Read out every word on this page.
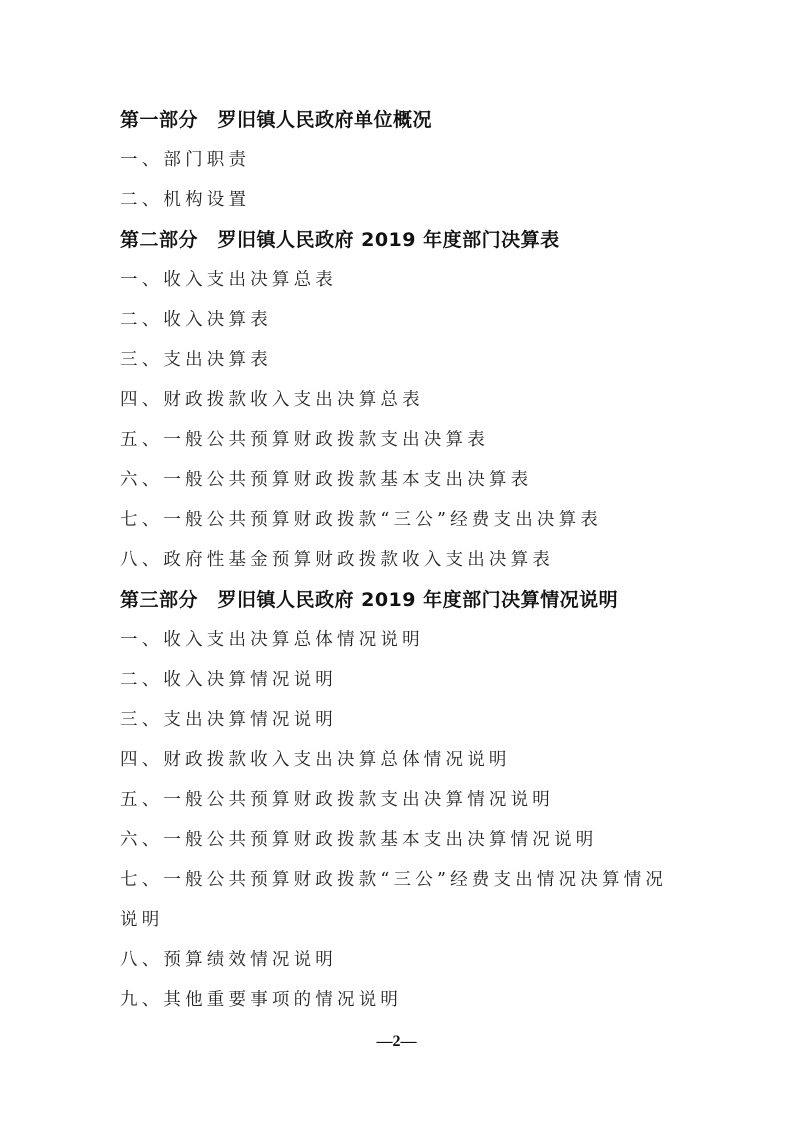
第一部分　罗旧镇人民政府单位概况
一、部门职责
二、机构设置
第二部分　罗旧镇人民政府 2019 年度部门决算表
一、收入支出决算总表
二、收入决算表
三、支出决算表
四、财政拨款收入支出决算总表
五、一般公共预算财政拨款支出决算表
六、一般公共预算财政拨款基本支出决算表
七、一般公共预算财政拨款“三公”经费支出决算表
八、政府性基金预算财政拨款收入支出决算表
第三部分　罗旧镇人民政府 2019 年度部门决算情况说明
一、收入支出决算总体情况说明
二、收入决算情况说明
三、支出决算情况说明
四、财政拨款收入支出决算总体情况说明
五、一般公共预算财政拨款支出决算情况说明
六、一般公共预算财政拨款基本支出决算情况说明
七、一般公共预算财政拨款“三公”经费支出情况决算情况说明
八、预算绩效情况说明
九、其他重要事项的情况说明
—2—
